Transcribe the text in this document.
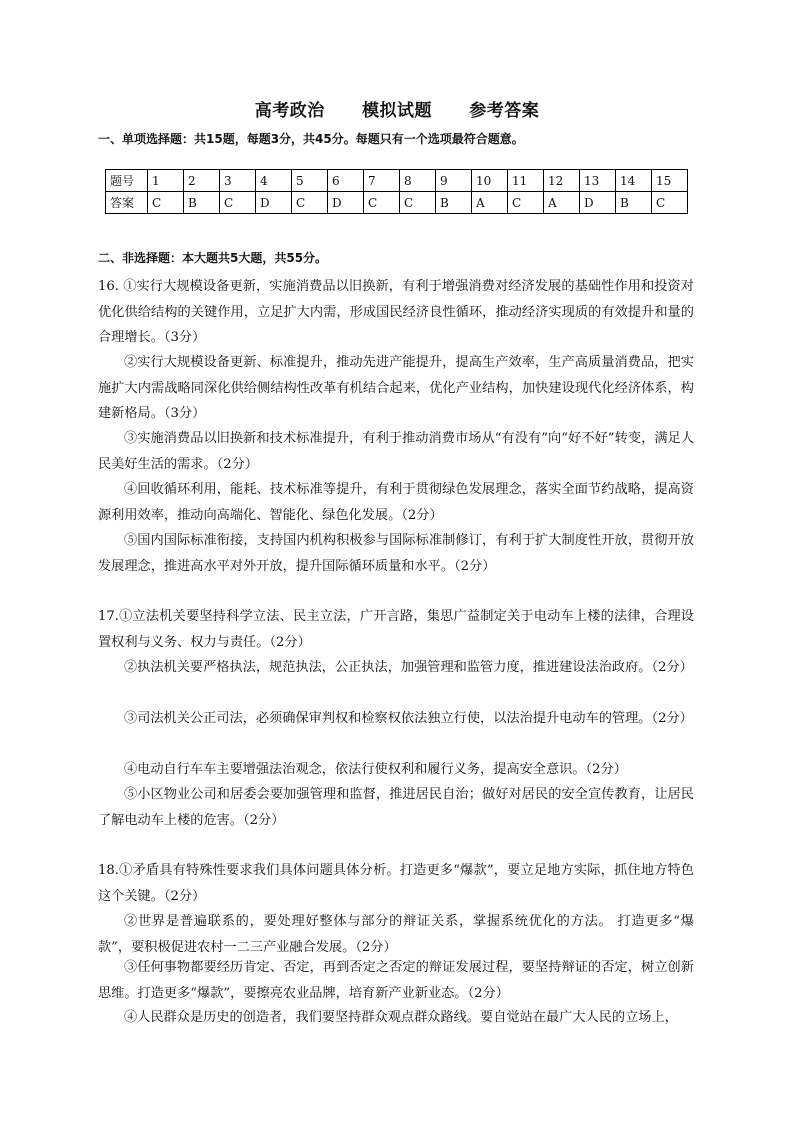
高考政治   模拟试题   参考答案
一、单项选择题：共15题，每题3分，共45分。每题只有一个选项最符合题意。
题号	1	2	3	4	5	6	7	8	9	10	11	12	13	14	15
答案	C	B	C	D	C	D	C	C	B	A	C	A	D	B	C
二、非选择题：本大题共5大题，共55分。

16. ①实行大规模设备更新，实施消费品以旧换新，有利于增强消费对经济发展的基础性作用和投资对优化供给结构的关键作用，立足扩大内需，形成国民经济良性循环，推动经济实现质的有效提升和量的合理增长。（3分）

②实行大规模设备更新、标准提升，推动先进产能提升，提高生产效率，生产高质量消费品，把实施扩大内需战略同深化供给侧结构性改革有机结合起来，优化产业结构，加快建设现代化经济体系，构建新格局。（3分）

③实施消费品以旧换新和技术标准提升，有利于推动消费市场从“有没有”向“好不好”转变，满足人民美好生活的需求。（2分）

④回收循环利用，能耗、技术标准等提升，有利于贯彻绿色发展理念，落实全面节约战略，提高资源利用效率，推动向高端化、智能化、绿色化发展。（2分）

⑤国内国际标准衔接，支持国内机构积极参与国际标准制修订，有利于扩大制度性开放，贯彻开放发展理念，推进高水平对外开放，提升国际循环质量和水平。（2分）

17.①立法机关要坚持科学立法、民主立法，广开言路，集思广益制定关于电动车上楼的法律，合理设置权利与义务、权力与责任。（2分）

②执法机关要严格执法，规范执法，公正执法，加强管理和监管力度，推进建设法治政府。（2分）

③司法机关公正司法，必须确保审判权和检察权依法独立行使，以法治提升电动车的管理。（2分）

④电动自行车车主要增强法治观念，依法行使权利和履行义务，提高安全意识。（2分）

⑤小区物业公司和居委会要加强管理和监督，推进居民自治；做好对居民的安全宣传教育，让居民了解电动车上楼的危害。（2分）

18.①矛盾具有特殊性要求我们具体问题具体分析。打造更多“爆款”，要立足地方实际，抓住地方特色这个关键。（2分）

②世界是普遍联系的，要处理好整体与部分的辩证关系，掌握系统优化的方法。 打造更多“爆款”，要积极促进农村一二三产业融合发展。（2分）

③任何事物都要经历肯定、否定，再到否定之否定的辩证发展过程，要坚持辩证的否定，树立创新思维。打造更多“爆款”，要擦亮农业品牌，培育新产业新业态。（2分）

④人民群众是历史的创造者，我们要坚持群众观点群众路线。要自觉站在最广大人民的立场上，
